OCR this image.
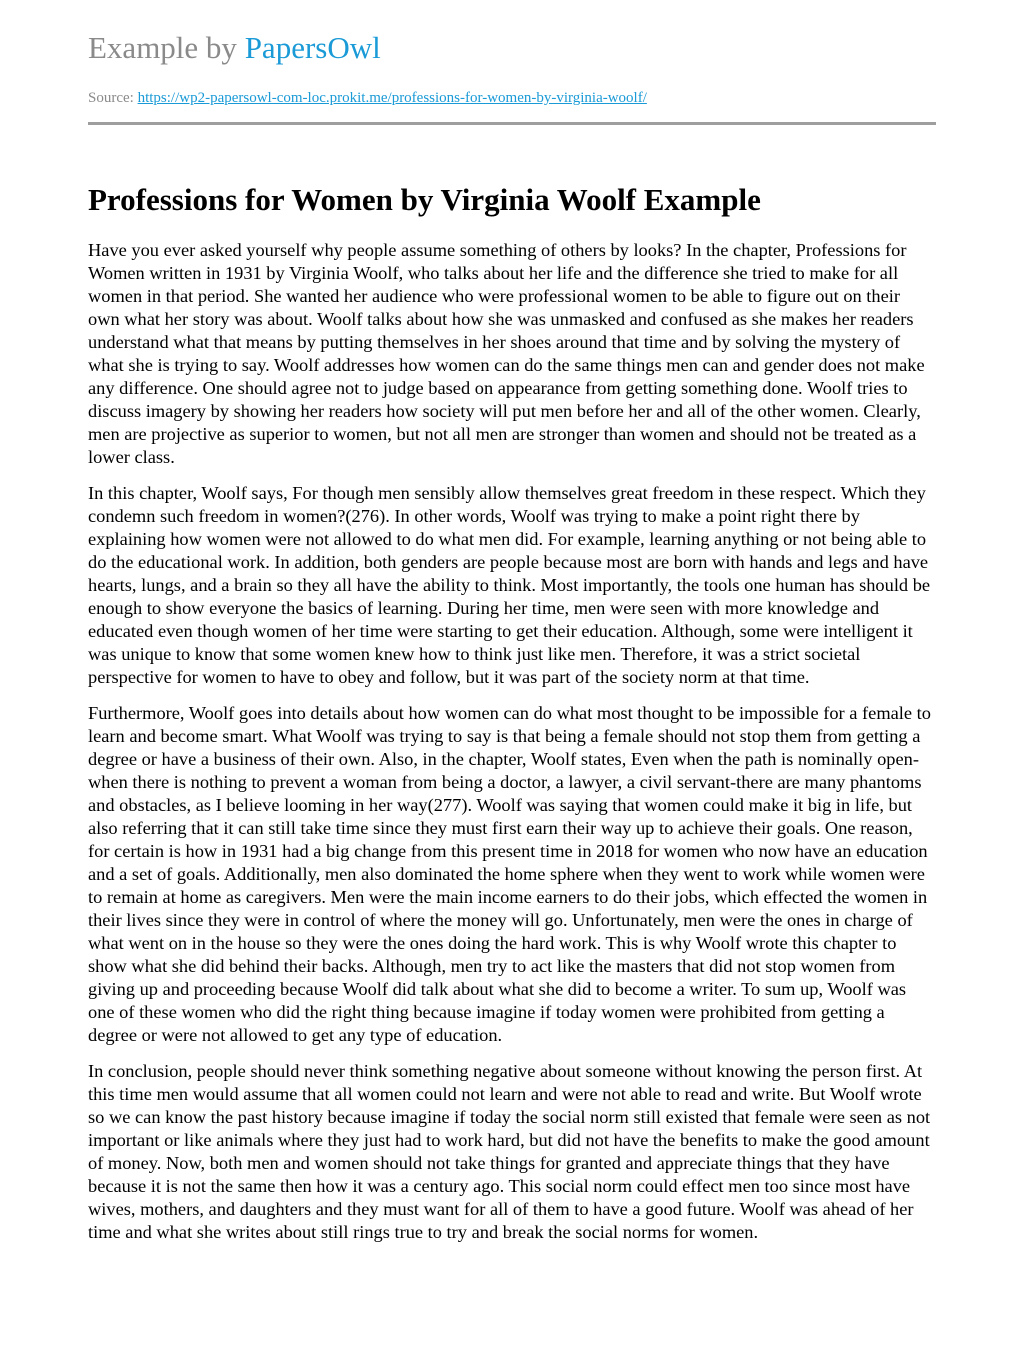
Example by PapersOwl
Source: https://wp2-papersowl-com-loc.prokit.me/professions-for-women-by-virginia-woolf/
Professions for Women by Virginia Woolf Example

Have you ever asked yourself why people assume something of others by looks? In the chapter, Professions for Women written in 1931 by Virginia Woolf, who talks about her life and the difference she tried to make for all women in that period. She wanted her audience who were professional women to be able to figure out on their own what her story was about. Woolf talks about how she was unmasked and confused as she makes her readers understand what that means by putting themselves in her shoes around that time and by solving the mystery of what she is trying to say. Woolf addresses how women can do the same things men can and gender does not make any difference. One should agree not to judge based on appearance from getting something done. Woolf tries to discuss imagery by showing her readers how society will put men before her and all of the other women. Clearly, men are projective as superior to women, but not all men are stronger than women and should not be treated as a lower class.

In this chapter, Woolf says, For though men sensibly allow themselves great freedom in these respect. Which they condemn such freedom in women?(276). In other words, Woolf was trying to make a point right there by explaining how women were not allowed to do what men did. For example, learning anything or not being able to do the educational work. In addition, both genders are people because most are born with hands and legs and have hearts, lungs, and a brain so they all have the ability to think. Most importantly, the tools one human has should be enough to show everyone the basics of learning. During her time, men were seen with more knowledge and educated even though women of her time were starting to get their education. Although, some were intelligent it was unique to know that some women knew how to think just like men. Therefore, it was a strict societal perspective for women to have to obey and follow, but it was part of the society norm at that time.

Furthermore, Woolf goes into details about how women can do what most thought to be impossible for a female to learn and become smart. What Woolf was trying to say is that being a female should not stop them from getting a degree or have a business of their own. Also, in the chapter, Woolf states, Even when the path is nominally open-when there is nothing to prevent a woman from being a doctor, a lawyer, a civil servant-there are many phantoms and obstacles, as I believe looming in her way(277). Woolf was saying that women could make it big in life, but also referring that it can still take time since they must first earn their way up to achieve their goals. One reason, for certain is how in 1931 had a big change from this present time in 2018 for women who now have an education and a set of goals. Additionally, men also dominated the home sphere when they went to work while women were to remain at home as caregivers. Men were the main income earners to do their jobs, which effected the women in their lives since they were in control of where the money will go. Unfortunately, men were the ones in charge of what went on in the house so they were the ones doing the hard work. This is why Woolf wrote this chapter to show what she did behind their backs. Although, men try to act like the masters that did not stop women from giving up and proceeding because Woolf did talk about what she did to become a writer. To sum up, Woolf was one of these women who did the right thing because imagine if today women were prohibited from getting a degree or were not allowed to get any type of education.

In conclusion, people should never think something negative about someone without knowing the person first. At this time men would assume that all women could not learn and were not able to read and write. But Woolf wrote so we can know the past history because imagine if today the social norm still existed that female were seen as not important or like animals where they just had to work hard, but did not have the benefits to make the good amount of money. Now, both men and women should not take things for granted and appreciate things that they have because it is not the same then how it was a century ago. This social norm could effect men too since most have wives, mothers, and daughters and they must want for all of them to have a good future. Woolf was ahead of her time and what she writes about still rings true to try and break the social norms for women.
